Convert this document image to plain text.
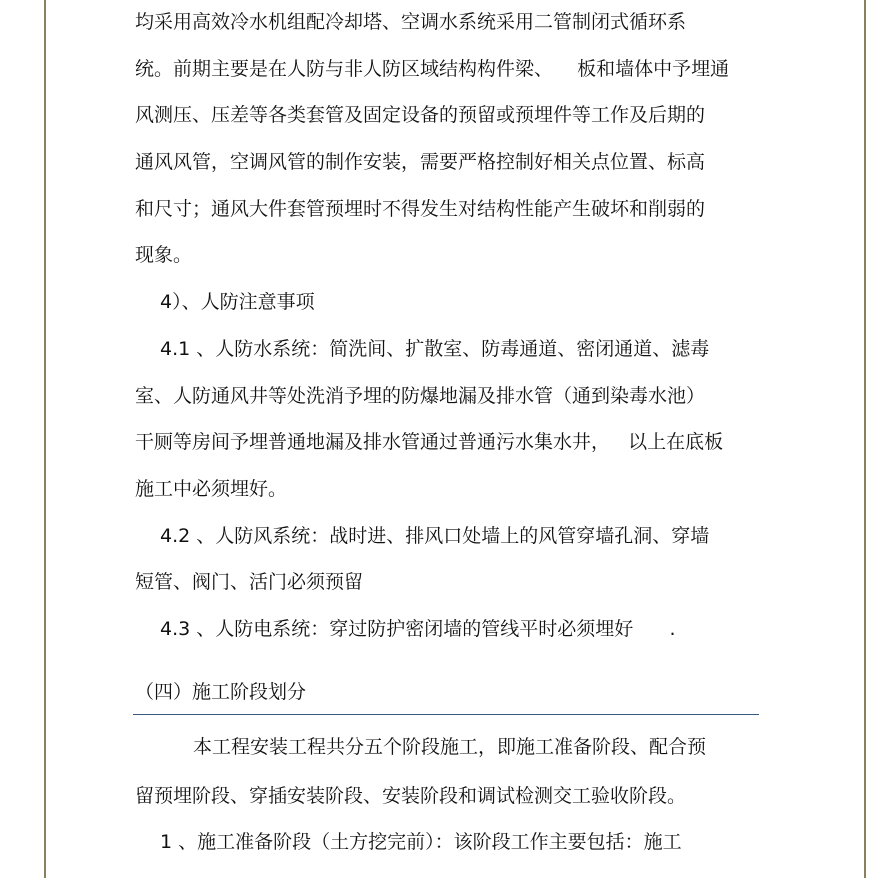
均采用高效冷水机组配冷却塔、空调水系统采用二管制闭式循环系
统。前期主要是在人防与非人防区域结构构件梁、    板和墙体中予埋通
风测压、压差等各类套管及固定设备的预留或预埋件等工作及后期的
通风风管，空调风管的制作安装，需要严格控制好相关点位置、标高
和尺寸；通风大件套管预埋时不得发生对结构性能产生破坏和削弱的
现象。
4）、人防注意事项
4.1 、人防水系统：简洗间、扩散室、防毒通道、密闭通道、滤毒
室、人防通风井等处洗消予埋的防爆地漏及排水管（通到染毒水池）
干厕等房间予埋普通地漏及排水管通过普通污水集水井，   以上在底板
施工中必须埋好。
4.2 、人防风系统：战时进、排风口处墙上的风管穿墙孔洞、穿墙
短管、阀门、活门必须预留
4.3 、人防电系统：穿过防护密闭墙的管线平时必须埋好      .
（四）施工阶段划分
本工程安装工程共分五个阶段施工，即施工准备阶段、配合预
留预埋阶段、穿插安装阶段、安装阶段和调试检测交工验收阶段。
1 、施工准备阶段（土方挖完前）：该阶段工作主要包括：施工
